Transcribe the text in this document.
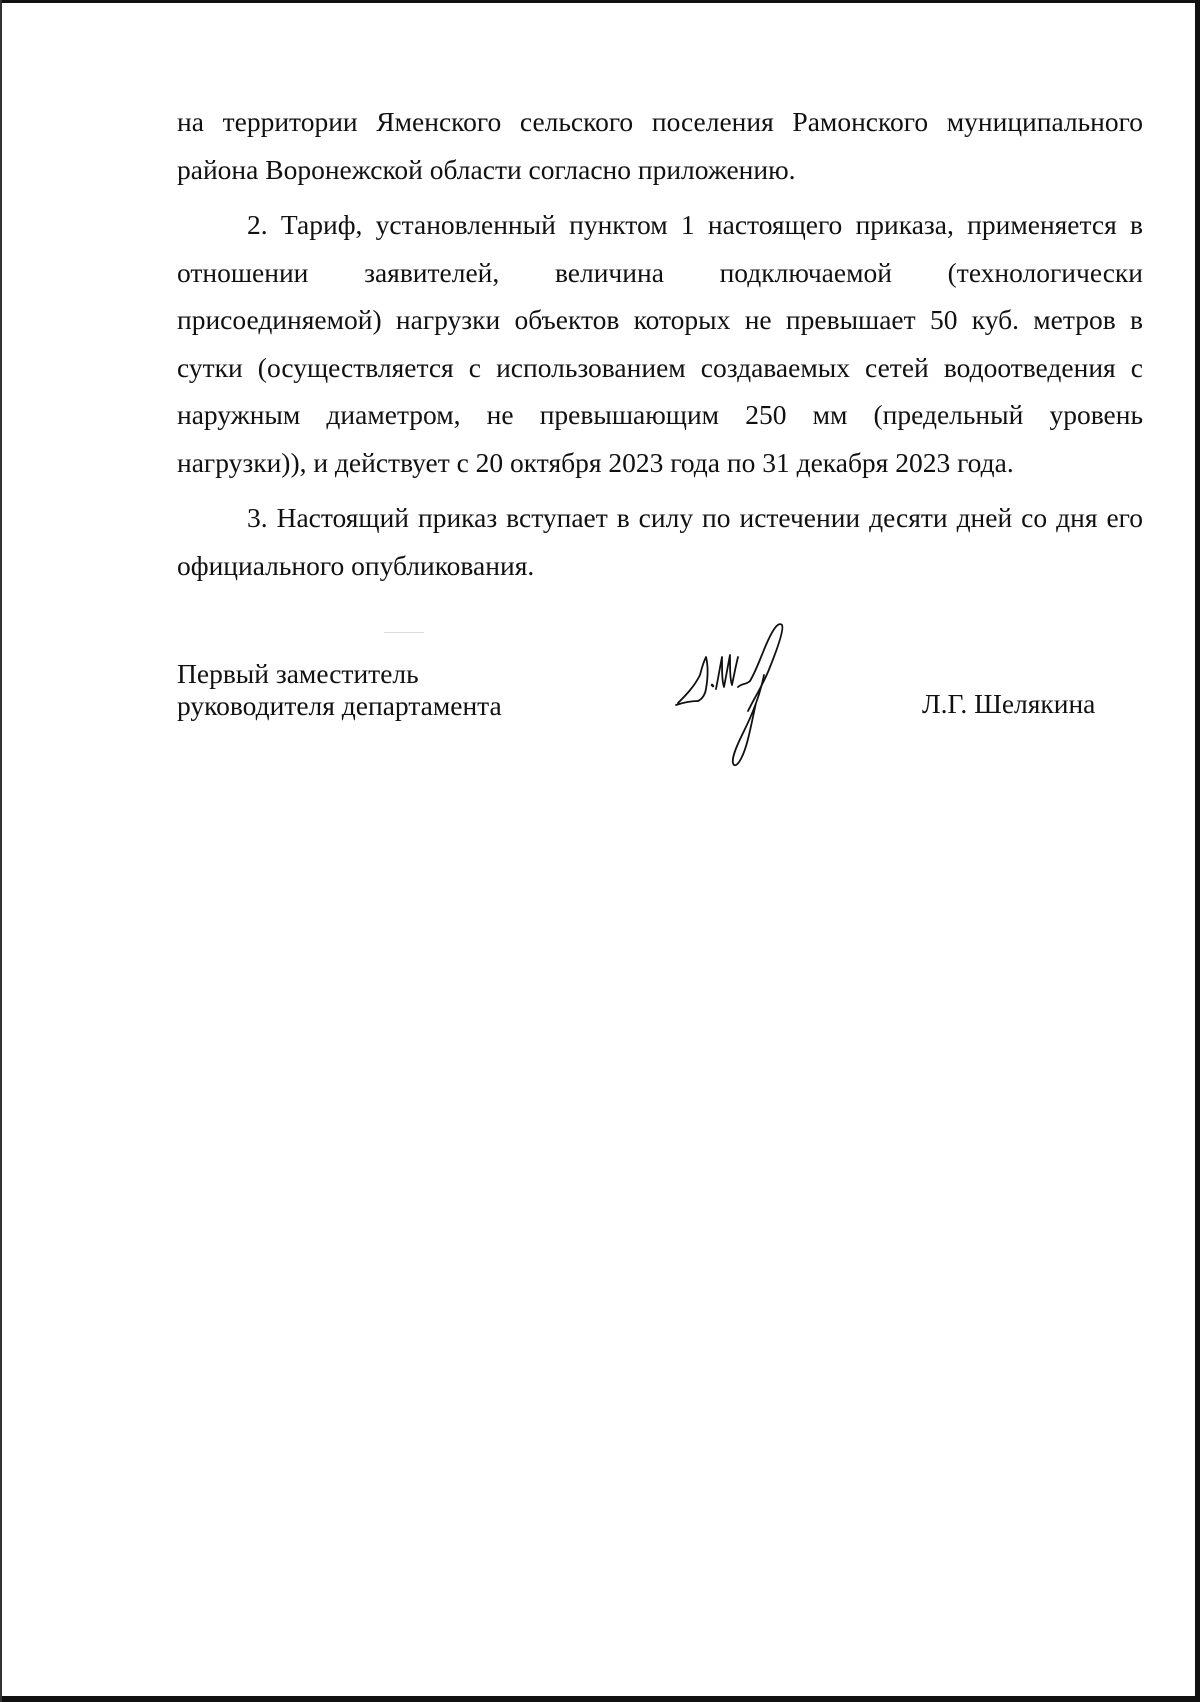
на территории Яменского сельского поселения Рамонского муниципального района Воронежской области согласно приложению.

2. Тариф, установленный пунктом 1 настоящего приказа, применяется в отношении заявителей, величина подключаемой (технологически присоединяемой) нагрузки объектов которых не превышает 50 куб. метров в сутки (осуществляется с использованием создаваемых сетей водоотведения с наружным диаметром, не превышающим 250 мм (предельный уровень нагрузки)), и действует с 20 октября 2023 года по 31 декабря 2023 года.

3. Настоящий приказ вступает в силу по истечении десяти дней со дня его официального опубликования.

Первый заместитель
руководителя департамента	Л.Г. Шелякина
